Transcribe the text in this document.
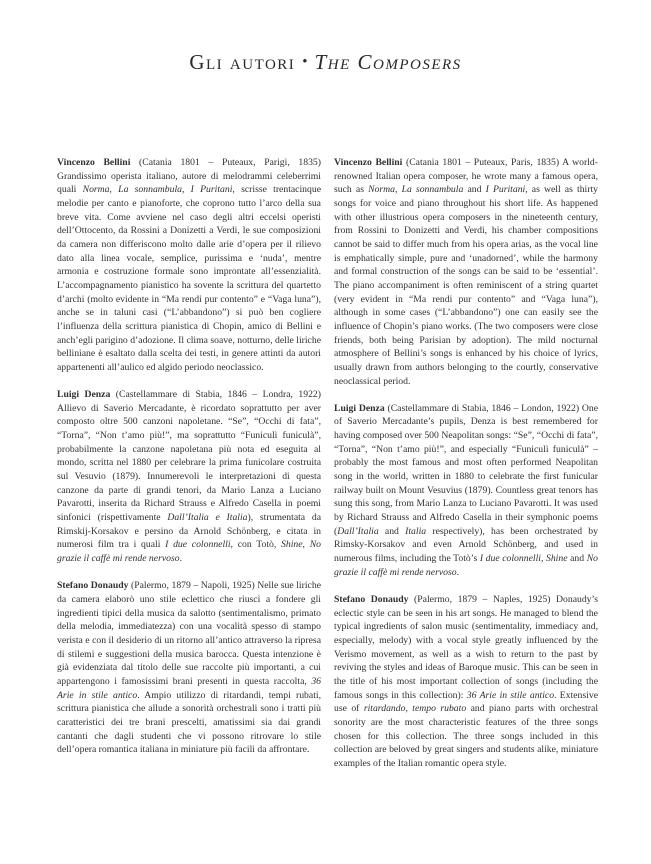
Gli autori • The Composers

Vincenzo Bellini (Catania 1801 – Puteaux, Parigi, 1835) Grandissimo operista italiano, autore di melodrammi celeberrimi quali Norma, La sonnambula, I Puritani, scrisse trentacinque melodie per canto e pianoforte, che coprono tutto l’arco della sua breve vita. Come avviene nel caso degli altri eccelsi operisti dell’Ottocento, da Rossini a Donizetti a Verdi, le sue composizioni da camera non differiscono molto dalle arie d’opera per il rilievo dato alla linea vocale, semplice, purissima e ‘nuda’, mentre armonia e costruzione formale sono improntate all’essenzialità. L’accompagnamento pianistico ha sovente la scrittura del quartetto d’archi (molto evidente in “Ma rendi pur contento” e “Vaga luna”), anche se in taluni casi (“L’abbandono”) si può ben cogliere l’influenza della scrittura pianistica di Chopin, amico di Bellini e anch’egli parigino d’adozione. Il clima soave, notturno, delle liriche belliniane è esaltato dalla scelta dei testi, in genere attinti da autori appartenenti all’aulico ed algido periodo neoclassico.

Luigi Denza (Castellammare di Stabia, 1846 – Londra, 1922) Allievo di Saverio Mercadante, è ricordato soprattutto per aver composto oltre 500 canzoni napoletane. “Se”, “Occhi di fata”, “Torna”, “Non t’amo più!”, ma soprattutto “Funiculì funiculà”, probabilmente la canzone napoletana più nota ed eseguita al mondo, scritta nel 1880 per celebrare la prima funicolare costruita sul Vesuvio (1879). Innumerevoli le interpretazioni di questa canzone da parte di grandi tenori, da Mario Lanza a Luciano Pavarotti, inserita da Richard Strauss e Alfredo Casella in poemi sinfonici (rispettivamente Dall’Italia e Italia), strumentata da Rimskij-Korsakov e persino da Arnold Schönberg, e citata in numerosi film tra i quali I due colonnelli, con Totò, Shine, No grazie il caffè mi rende nervoso.

Stefano Donaudy (Palermo, 1879 – Napoli, 1925) Nelle sue liriche da camera elaborò uno stile eclettico che riuscì a fondere gli ingredienti tipici della musica da salotto (sentimentalismo, primato della melodia, immediatezza) con una vocalità spesso di stampo verista e con il desiderio di un ritorno all’antico attraverso la ripresa di stilemi e suggestioni della musica barocca. Questa intenzione è già evidenziata dal titolo delle sue raccolte più importanti, a cui appartengono i famosissimi brani presenti in questa raccolta, 36 Arie in stile antico. Ampio utilizzo di ritardandi, tempi rubati, scrittura pianistica che allude a sonorità orchestrali sono i tratti più caratteristici dei tre brani prescelti, amatissimi sia dai grandi cantanti che dagli studenti che vi possono ritrovare lo stile dell’opera romantica italiana in miniature più facili da affrontare.

Vincenzo Bellini (Catania 1801 – Puteaux, Paris, 1835) A world-renowned Italian opera composer, he wrote many a famous opera, such as Norma, La sonnambula and I Puritani, as well as thirty songs for voice and piano throughout his short life. As happened with other illustrious opera composers in the nineteenth century, from Rossini to Donizetti and Verdi, his chamber compositions cannot be said to differ much from his opera arias, as the vocal line is emphatically simple, pure and ‘unadorned’, while the harmony and formal construction of the songs can be said to be ‘essential’. The piano accompaniment is often reminiscent of a string quartet (very evident in “Ma rendi pur contento” and “Vaga luna”), although in some cases (“L’abbandono”) one can easily see the influence of Chopin’s piano works. (The two composers were close friends, both being Parisian by adoption). The mild nocturnal atmosphere of Bellini’s songs is enhanced by his choice of lyrics, usually drawn from authors belonging to the courtly, conservative neoclassical period.

Luigi Denza (Castellammare di Stabia, 1846 – London, 1922) One of Saverio Mercadante’s pupils, Denza is best remembered for having composed over 500 Neapolitan songs: “Se”, “Occhi di fata”, “Torna”, “Non t’amo più!”, and especially “Funiculì funiculà” – probably the most famous and most often performed Neapolitan song in the world, written in 1880 to celebrate the first funicular railway built on Mount Vesuvius (1879). Countless great tenors has sung this song, from Mario Lanza to Luciano Pavarotti. It was used by Richard Strauss and Alfredo Casella in their symphonic poems (Dall’Italia and Italia respectively), has been orchestrated by Rimsky-Korsakov and even Arnold Schönberg, and used in numerous films, including the Totò’s I due colonnelli, Shine and No grazie il caffè mi rende nervoso.

Stefano Donaudy (Palermo, 1879 – Naples, 1925) Donaudy’s eclectic style can be seen in his art songs. He managed to blend the typical ingredients of salon music (sentimentality, immediacy and, especially, melody) with a vocal style greatly influenced by the Verismo movement, as well as a wish to return to the past by reviving the styles and ideas of Baroque music. This can be seen in the title of his most important collection of songs (including the famous songs in this collection): 36 Arie in stile antico. Extensive use of ritardando, tempo rubato and piano parts with orchestral sonority are the most characteristic features of the three songs chosen for this collection. The three songs included in this collection are beloved by great singers and students alike, miniature examples of the Italian romantic opera style.
